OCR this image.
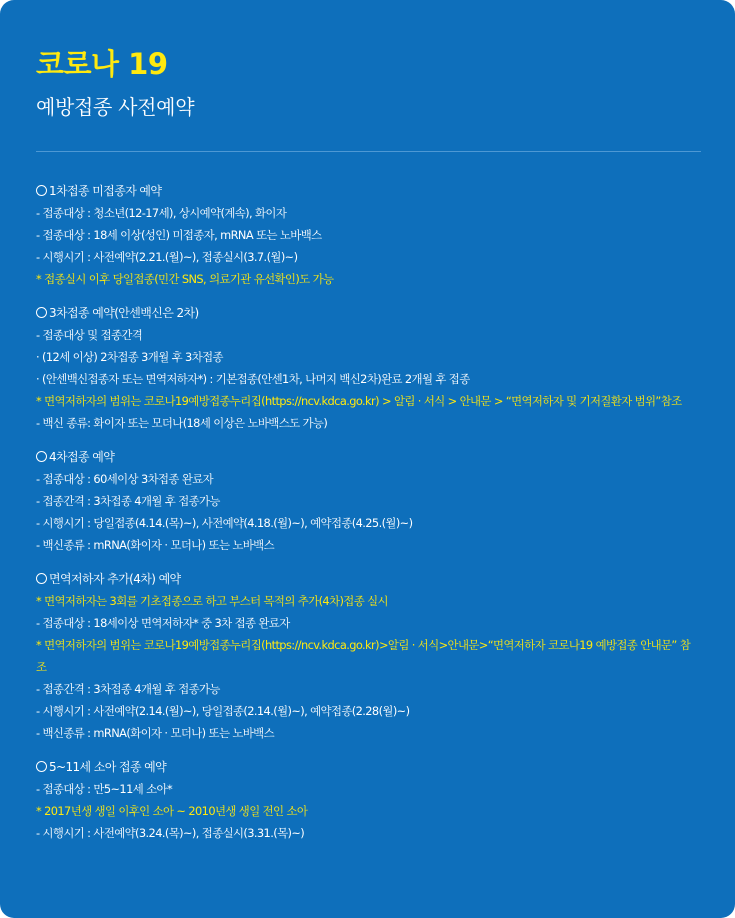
코로나 19
예방접종 사전예약
1차접종 미접종자 예약
- 접종대상 : 청소년(12-17세), 상시예약(계속), 화이자
- 접종대상 : 18세 이상(성인) 미접종자, mRNA 또는 노바백스
- 시행시기 : 사전예약(2.21.(월)~), 접종실시(3.7.(월)~)
* 접종실시 이후 당일접종(민간 SNS, 의료기관 유선확인)도 가능
3차접종 예약(안센백신은 2차)
- 접종대상 및 접종간격
· (12세 이상) 2차접종 3개월 후 3차접종
· (안센백신접종자 또는 면역저하자*) : 기본접종(안센1차, 나머지 백신2차)완료 2개월 후 접종
* 면역저하자의 범위는 코로나19예방접종누리집(https://ncv.kdca.go.kr) > 알림 · 서식 > 안내문 > “면역저하자 및 기저질환자 범위”참조
- 백신 종류: 화이자 또는 모더나(18세 이상은 노바백스도 가능)
4차접종 예약
- 접종대상 : 60세이상 3차접종 완료자
- 접종간격 : 3차접종 4개월 후 접종가능
- 시행시기 : 당일접종(4.14.(목)~), 사전예약(4.18.(월)~), 예약접종(4.25.(월)~)
- 백신종류 : mRNA(화이자 · 모더나) 또는 노바백스
면역저하자 추가(4차) 예약
* 면역저하자는 3회를 기초접종으로 하고 부스터 목적의 추가(4차)접종 실시
- 접종대상 : 18세이상 면역저하자* 중 3차 접종 완료자
* 면역저하자의 범위는 코로나19예방접종누리집(https://ncv.kdca.go.kr)>알림 · 서식>안내문>“면역저하자 코로나19 예방접종 안내문” 참조
- 접종간격 : 3차접종 4개월 후 접종가능
- 시행시기 : 사전예약(2.14.(월)~), 당일접종(2.14.(월)~), 예약접종(2.28(월)~)
- 백신종류 : mRNA(화이자 · 모더나) 또는 노바백스
5~11세 소아 접종 예약
- 접종대상 : 만5~11세 소아*
* 2017년생 생일 이후인 소아 ~ 2010년생 생일 전인 소아
- 시행시기 : 사전예약(3.24.(목)~), 접종실시(3.31.(목)~)
